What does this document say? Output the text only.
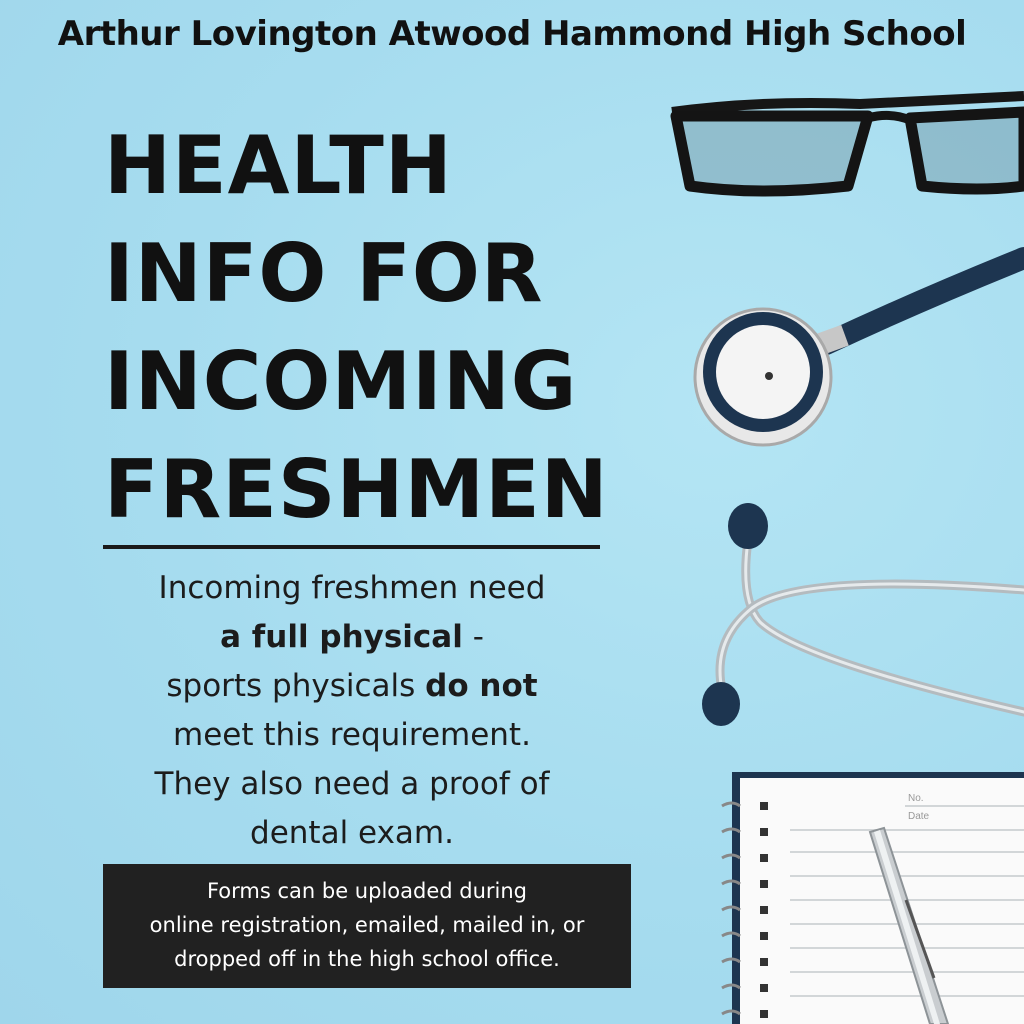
Arthur Lovington Atwood Hammond High School
HEALTH
INFO FOR
INCOMING
FRESHMEN
Incoming freshmen need
a full physical -
sports physicals do not
meet this requirement.
They also need a proof of
dental exam.
Forms can be uploaded during
online registration, emailed, mailed in, or
dropped off in the high school office.
No.
Date
